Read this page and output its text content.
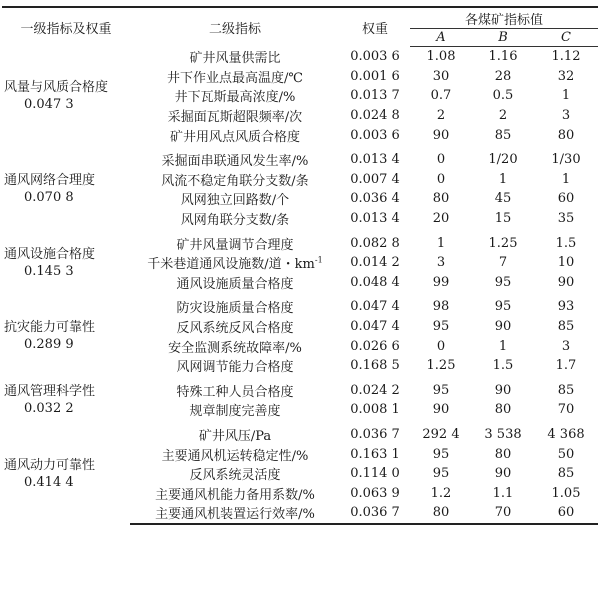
一级指标及权重	二级指标	权重	各煤矿指标值		
			A	B	C

风量与风质合格度
0.047 3	矿井风量供需比	0.003 6	1.08	1.16	1.12
	井下作业点最高温度/℃	0.001 6	30	28	32
	井下瓦斯最高浓度/%	0.013 7	0.7	0.5	1
	采掘面瓦斯超限频率/次	0.024 8	2	2	3
	矿井用风点风质合格度	0.003 6	90	85	80

通风网络合理度
0.070 8	采掘面串联通风发生率/%	0.013 4	0	1/20	1/30
	风流不稳定角联分支数/条	0.007 4	0	1	1
	风网独立回路数/个	0.036 4	80	45	60
	风网角联分支数/条	0.013 4	20	15	35

通风设施合格度
0.145 3	矿井风量调节合理度	0.082 8	1	1.25	1.5
	千米巷道通风设施数/道・$km^{-1}$	0.014 2	3	7	10
	通风设施质量合格度	0.048 4	99	95	90

抗灾能力可靠性
0.289 9	防灾设施质量合格度	0.047 4	98	95	93
	反风系统反风合格度	0.047 4	95	90	85
	安全监测系统故障率/%	0.026 6	0	1	3
	风网调节能力合格度	0.168 5	1.25	1.5	1.7

通风管理科学性
0.032 2	特殊工种人员合格度	0.024 2	95	90	85
	规章制度完善度	0.008 1	90	80	70

通风动力可靠性
0.414 4	矿井风压/Pa	0.036 7	292 4	3 538	4 368
	主要通风机运转稳定性/%	0.163 1	95	80	50
	反风系统灵活度	0.114 0	95	90	85
	主要通风机能力备用系数/%	0.063 9	1.2	1.1	1.05
	主要通风机装置运行效率/%	0.036 7	80	70	60
